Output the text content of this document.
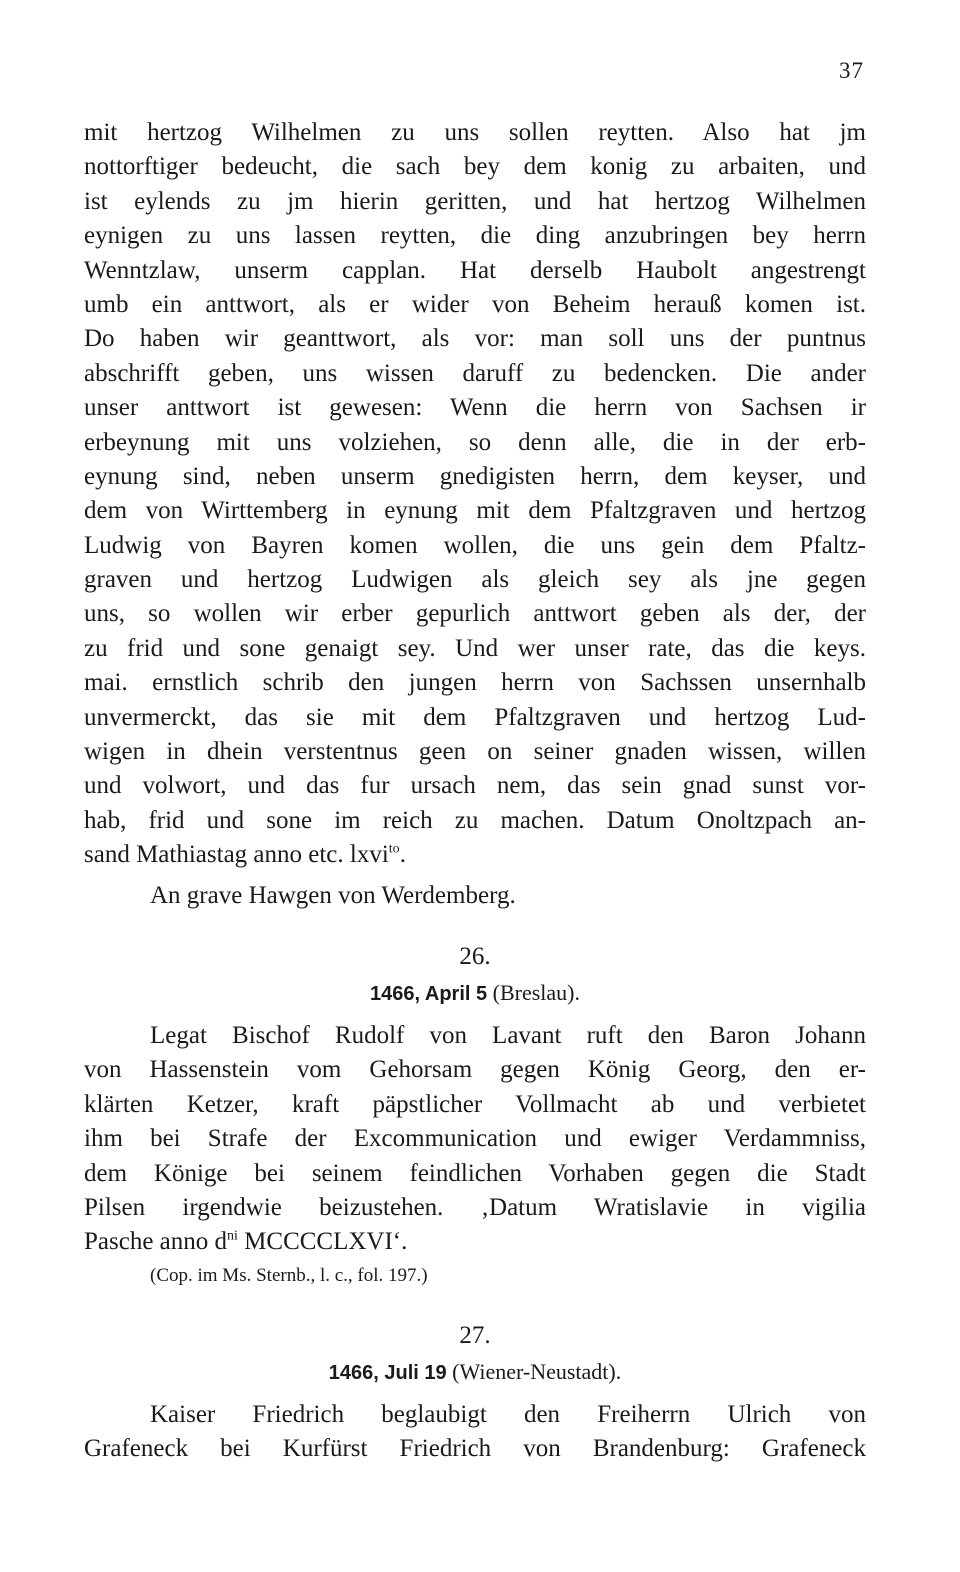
37
mit hertzog Wilhelmen zu uns sollen reytten. Also hat jm
nottorftiger bedeucht, die sach bey dem konig zu arbaiten, und
ist eylends zu jm hierin geritten, und hat hertzog Wilhelmen
eynigen zu uns lassen reytten, die ding anzubringen bey herrn
Wenntzlaw, unserm capplan. Hat derselb Haubolt angestrengt
umb ein anttwort, als er wider von Beheim herauß komen ist.
Do haben wir geanttwort, als vor: man soll uns der puntnus
abschrifft geben, uns wissen daruff zu bedencken. Die ander
unser anttwort ist gewesen: Wenn die herrn von Sachsen ir
erbeynung mit uns volziehen, so denn alle, die in der erb-
eynung sind, neben unserm gnedigisten herrn, dem keyser, und
dem von Wirttemberg in eynung mit dem Pfaltzgraven und hertzog
Ludwig von Bayren komen wollen, die uns gein dem Pfaltz-
graven und hertzog Ludwigen als gleich sey als jne gegen
uns, so wollen wir erber gepurlich anttwort geben als der, der
zu frid und sone genaigt sey. Und wer unser rate, das die keys.
mai. ernstlich schrib den jungen herrn von Sachssen unsernhalb
unvermerckt, das sie mit dem Pfaltzgraven und hertzog Lud-
wigen in dhein verstentnus geen on seiner gnaden wissen, willen
und volwort, und das fur ursach nem, das sein gnad sunst vor-
hab, frid und sone im reich zu machen. Datum Onoltzpach an-
sand Mathiastag anno etc. lxvi$^{to}$.
An grave Hawgen von Werdemberg.
26.
1466, April 5 (Breslau).
Legat Bischof Rudolf von Lavant ruft den Baron Johann
von Hassenstein vom Gehorsam gegen König Georg, den er-
klärten Ketzer, kraft päpstlicher Vollmacht ab und verbietet
ihm bei Strafe der Excommunication und ewiger Verdammniss,
dem Könige bei seinem feindlichen Vorhaben gegen die Stadt
Pilsen irgendwie beizustehen. ‚Datum Wratislavie in vigilia
Pasche anno $d^{ni}$ MCCCCLXVI‘.
(Cop. im Ms. Sternb., l. c., fol. 197.)
27.
1466, Juli 19 (Wiener-Neustadt).
Kaiser Friedrich beglaubigt den Freiherrn Ulrich von
Grafeneck bei Kurfürst Friedrich von Brandenburg: Grafeneck
